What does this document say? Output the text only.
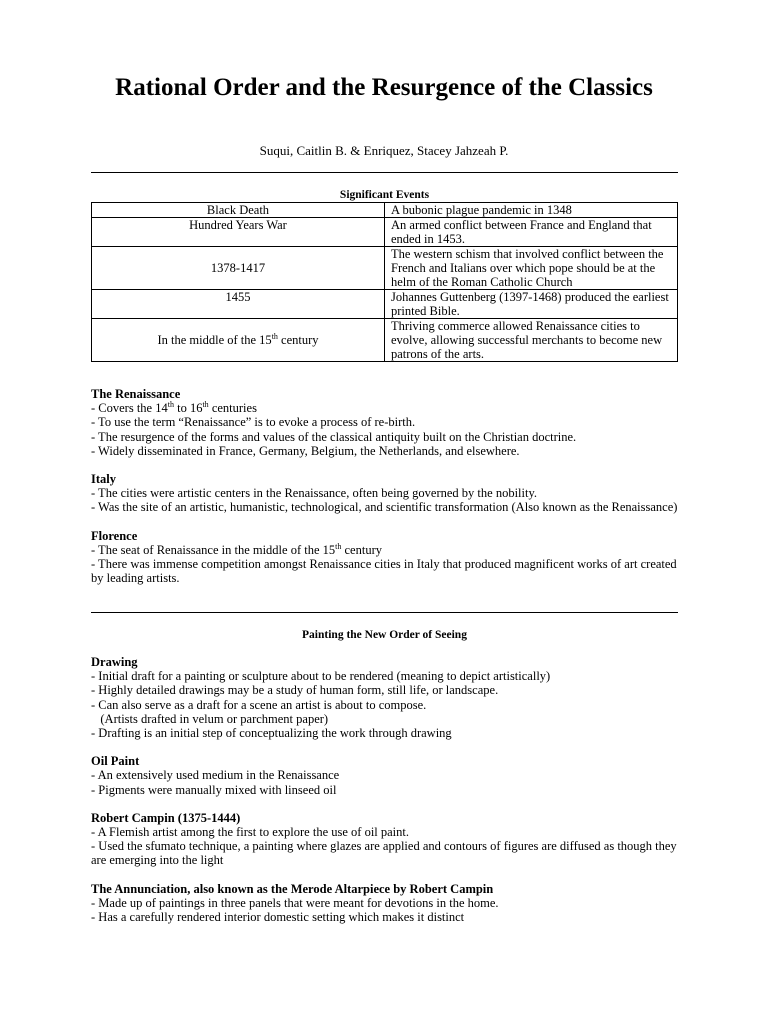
Rational Order and the Resurgence of the Classics
Suqui, Caitlin B. & Enriquez, Stacey Jahzeah P.
Significant Events
Black Death	A bubonic plague pandemic in 1348
Hundred Years War	An armed conflict between France and England that ended in 1453.
1378-1417	The western schism that involved conflict between the French and Italians over which pope should be at the helm of the Roman Catholic Church
1455	Johannes Guttenberg (1397-1468) produced the earliest printed Bible.
In the middle of the 15th century	Thriving commerce allowed Renaissance cities to evolve, allowing successful merchants to become new patrons of the arts.
The Renaissance
- Covers the 14th to 16th centuries
- To use the term “Renaissance” is to evoke a process of re-birth.
- The resurgence of the forms and values of the classical antiquity built on the Christian doctrine.
- Widely disseminated in France, Germany, Belgium, the Netherlands, and elsewhere.
Italy
- The cities were artistic centers in the Renaissance, often being governed by the nobility.
- Was the site of an artistic, humanistic, technological, and scientific transformation (Also known as the Renaissance)
Florence
- The seat of Renaissance in the middle of the 15th century
- There was immense competition amongst Renaissance cities in Italy that produced magnificent works of art created by leading artists.
Painting the New Order of Seeing
Drawing
- Initial draft for a painting or sculpture about to be rendered (meaning to depict artistically)
- Highly detailed drawings may be a study of human form, still life, or landscape.
- Can also serve as a draft for a scene an artist is about to compose.
(Artists drafted in velum or parchment paper)
- Drafting is an initial step of conceptualizing the work through drawing
Oil Paint
- An extensively used medium in the Renaissance
- Pigments were manually mixed with linseed oil
Robert Campin (1375-1444)
- A Flemish artist among the first to explore the use of oil paint.
- Used the sfumato technique, a painting where glazes are applied and contours of figures are diffused as though they are emerging into the light
The Annunciation, also known as the Merode Altarpiece by Robert Campin
- Made up of paintings in three panels that were meant for devotions in the home.
- Has a carefully rendered interior domestic setting which makes it distinct
